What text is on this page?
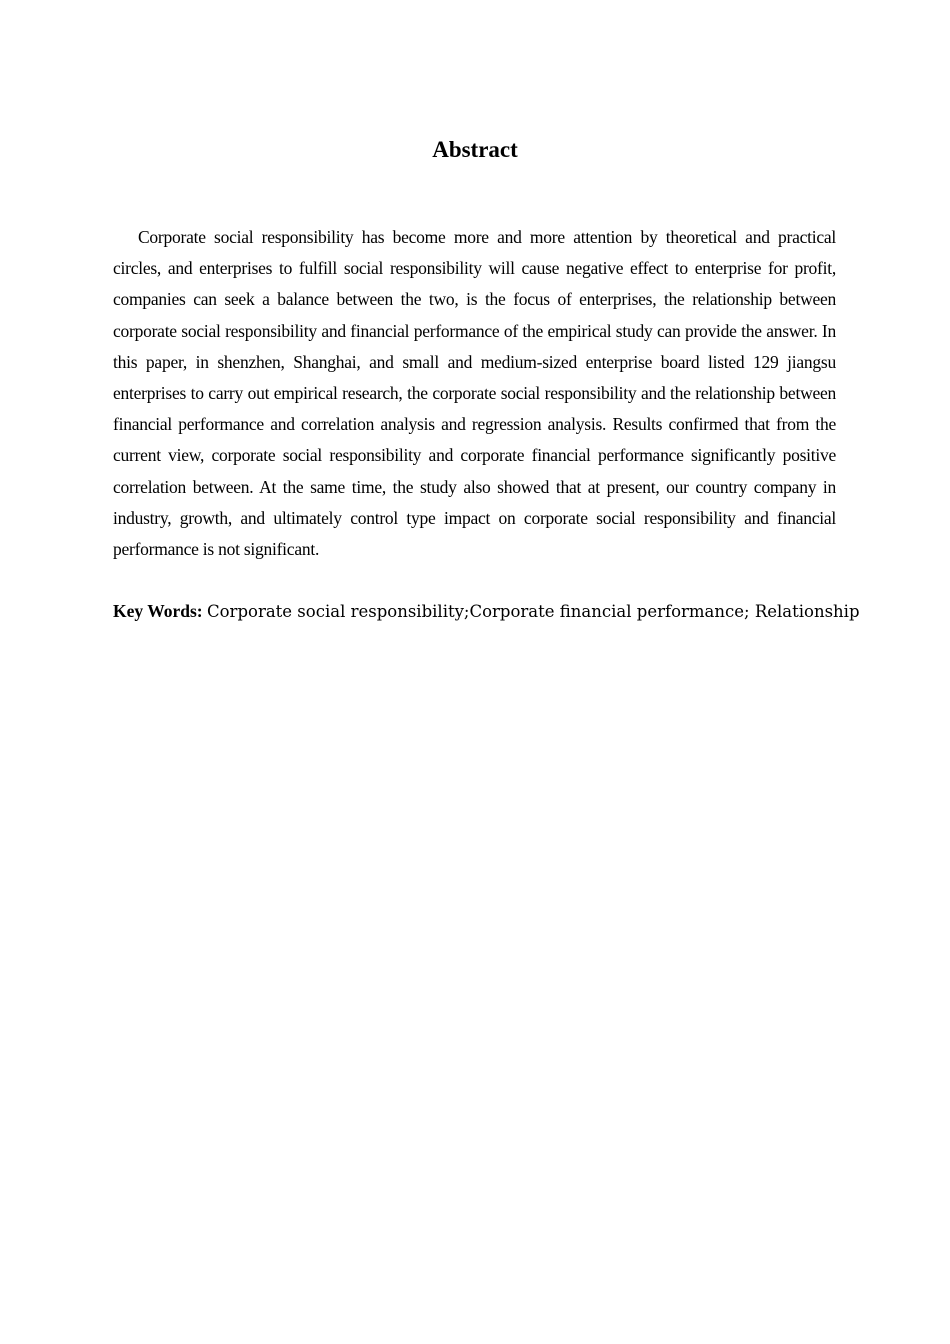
Abstract

Corporate social responsibility has become more and more attention by theoretical and practical circles, and enterprises to fulfill social responsibility will cause negative effect to enterprise for profit, companies can seek a balance between the two, is the focus of enterprises, the relationship between corporate social responsibility and financial performance of the empirical study can provide the answer. In this paper, in shenzhen, Shanghai, and small and medium-sized enterprise board listed 129 jiangsu enterprises to carry out empirical research, the corporate social responsibility and the relationship between financial performance and correlation analysis and regression analysis. Results confirmed that from the current view, corporate social responsibility and corporate financial performance significantly positive correlation between. At the same time, the study also showed that at present, our country company in industry, growth, and ultimately control type impact on corporate social responsibility and financial performance is not significant.

Key Words: Corporate social responsibility;Corporate financial performance; Relationship
